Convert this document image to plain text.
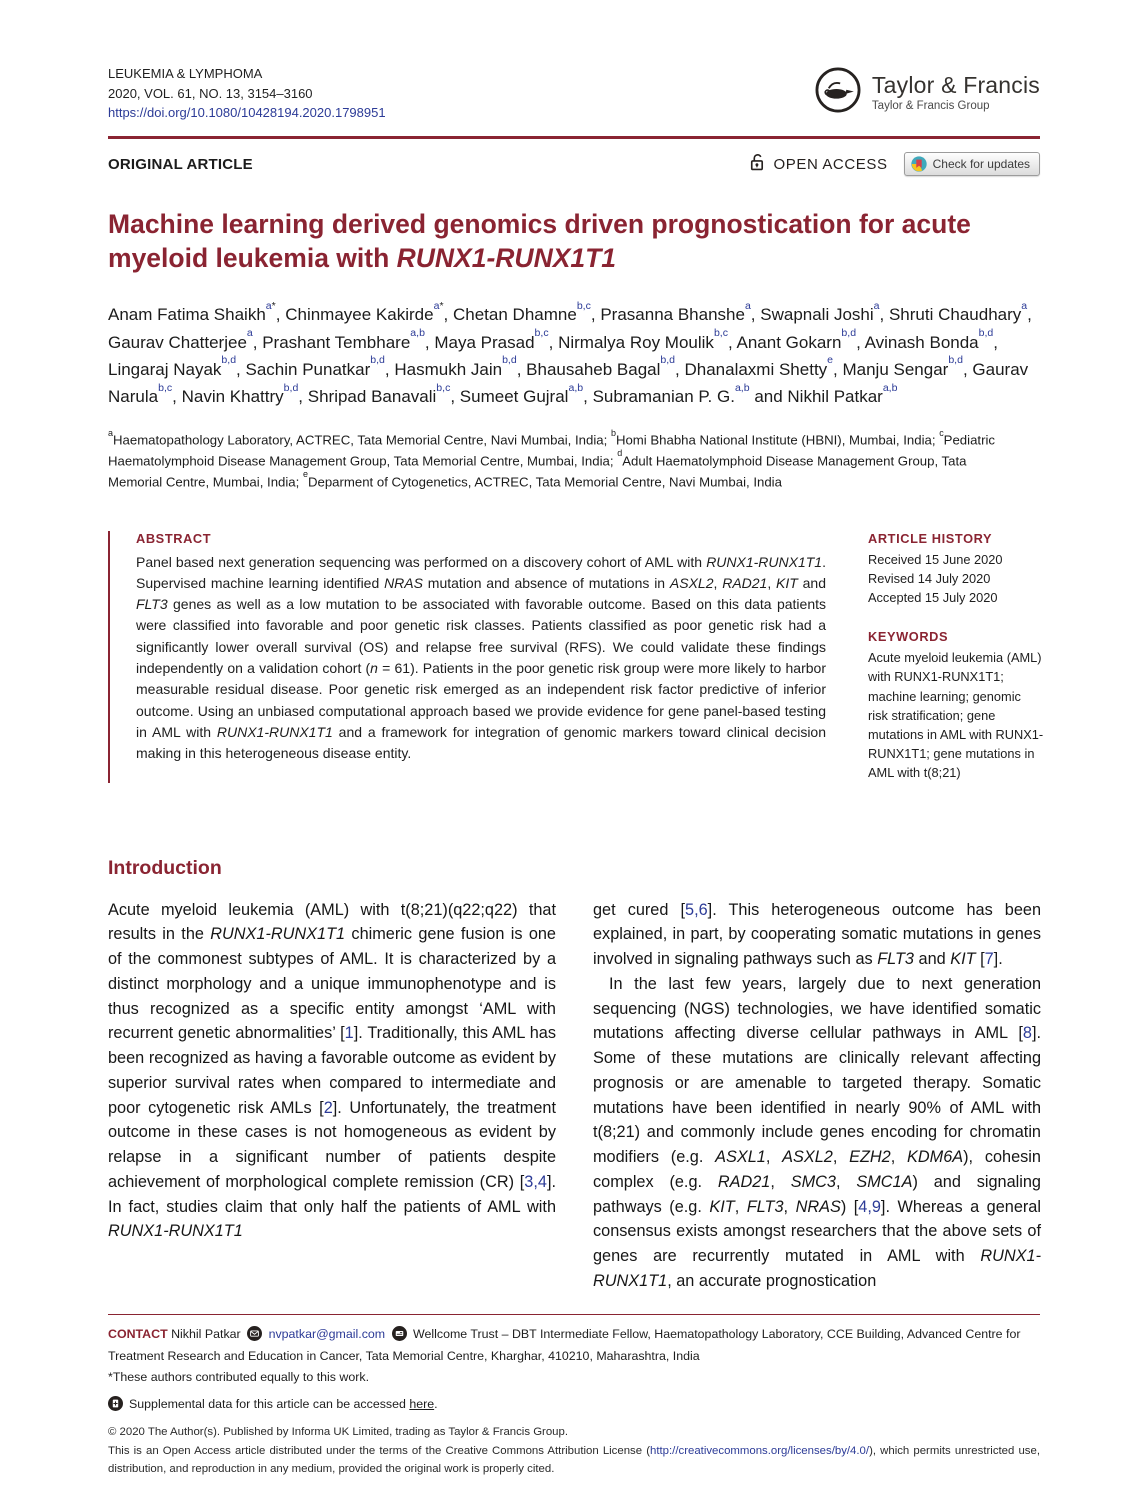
LEUKEMIA & LYMPHOMA
2020, VOL. 61, NO. 13, 3154–3160
https://doi.org/10.1080/10428194.2020.1798951
Taylor & Francis
Taylor & Francis Group
ORIGINAL ARTICLE	OPEN ACCESS	Check for updates
Machine learning derived genomics driven prognostication for acute
myeloid leukemia with RUNX1-RUNX1T1
Anam Fatima Shaikh$^{a*}$, Chinmayee Kakirde$^{a*}$, Chetan Dhamne$^{b,c}$, Prasanna Bhanshe$^a$, Swapnali Joshi$^a$, Shruti Chaudhary$^a$, Gaurav Chatterjee$^a$, Prashant Tembhare$^{a,b}$, Maya Prasad$^{b,c}$, Nirmalya Roy Moulik$^{b,c}$, Anant Gokarn$^{b,d}$, Avinash Bonda$^{b,d}$, Lingaraj Nayak$^{b,d}$, Sachin Punatkar$^{b,d}$, Hasmukh Jain$^{b,d}$, Bhausaheb Bagal$^{b,d}$, Dhanalaxmi Shetty$^e$, Manju Sengar$^{b,d}$, Gaurav Narula$^{b,c}$, Navin Khattry$^{b,d}$, Shripad Banavali$^{b,c}$, Sumeet Gujral$^{a,b}$, Subramanian P. G.$^{a,b}$ and Nikhil Patkar$^{a,b}$
$^a$Haematopathology Laboratory, ACTREC, Tata Memorial Centre, Navi Mumbai, India; $^b$Homi Bhabha National Institute (HBNI), Mumbai, India; $^c$Pediatric Haematolymphoid Disease Management Group, Tata Memorial Centre, Mumbai, India; $^d$Adult Haematolymphoid Disease Management Group, Tata Memorial Centre, Mumbai, India; $^e$Deparment of Cytogenetics, ACTREC, Tata Memorial Centre, Navi Mumbai, India
ABSTRACT
Panel based next generation sequencing was performed on a discovery cohort of AML with RUNX1-RUNX1T1. Supervised machine learning identified NRAS mutation and absence of mutations in ASXL2, RAD21, KIT and FLT3 genes as well as a low mutation to be associated with favorable outcome. Based on this data patients were classified into favorable and poor genetic risk classes. Patients classified as poor genetic risk had a significantly lower overall survival (OS) and relapse free survival (RFS). We could validate these findings independently on a validation cohort (n = 61). Patients in the poor genetic risk group were more likely to harbor measurable residual disease. Poor genetic risk emerged as an independent risk factor predictive of inferior outcome. Using an unbiased computational approach based we provide evidence for gene panel-based testing in AML with RUNX1-RUNX1T1 and a framework for integration of genomic markers toward clinical decision making in this heterogeneous disease entity.
ARTICLE HISTORY
Received 15 June 2020
Revised 14 July 2020
Accepted 15 July 2020
KEYWORDS
Acute myeloid leukemia (AML) with RUNX1-RUNX1T1; machine learning; genomic risk stratification; gene mutations in AML with RUNX1-RUNX1T1; gene mutations in AML with t(8;21)
Introduction

Acute myeloid leukemia (AML) with t(8;21)(q22;q22) that results in the RUNX1-RUNX1T1 chimeric gene fusion is one of the commonest subtypes of AML. It is characterized by a distinct morphology and a unique immunophenotype and is thus recognized as a specific entity amongst ‘AML with recurrent genetic abnormalities’ [1]. Traditionally, this AML has been recognized as having a favorable outcome as evident by superior survival rates when compared to intermediate and poor cytogenetic risk AMLs [2]. Unfortunately, the treatment outcome in these cases is not homogeneous as evident by relapse in a significant number of patients despite achievement of morphological complete remission (CR) [3,4]. In fact, studies claim that only half the patients of AML with RUNX1-RUNX1T1

get cured [5,6]. This heterogeneous outcome has been explained, in part, by cooperating somatic mutations in genes involved in signaling pathways such as FLT3 and KIT [7].

In the last few years, largely due to next generation sequencing (NGS) technologies, we have identified somatic mutations affecting diverse cellular pathways in AML [8]. Some of these mutations are clinically relevant affecting prognosis or are amenable to targeted therapy. Somatic mutations have been identified in nearly 90% of AML with t(8;21) and commonly include genes encoding for chromatin modifiers (e.g. ASXL1, ASXL2, EZH2, KDM6A), cohesin complex (e.g. RAD21, SMC3, SMC1A) and signaling pathways (e.g. KIT, FLT3, NRAS) [4,9]. Whereas a general consensus exists amongst researchers that the above sets of genes are recurrently mutated in AML with RUNX1-RUNX1T1, an accurate prognostication

CONTACT Nikhil Patkar nvpatkar@gmail.com Wellcome Trust – DBT Intermediate Fellow, Haematopathology Laboratory, CCE Building, Advanced Centre for Treatment Research and Education in Cancer, Tata Memorial Centre, Kharghar, 410210, Maharashtra, India
*These authors contributed equally to this work.
Supplemental data for this article can be accessed here.
© 2020 The Author(s). Published by Informa UK Limited, trading as Taylor & Francis Group.
This is an Open Access article distributed under the terms of the Creative Commons Attribution License (http://creativecommons.org/licenses/by/4.0/), which permits unrestricted use, distribution, and reproduction in any medium, provided the original work is properly cited.
